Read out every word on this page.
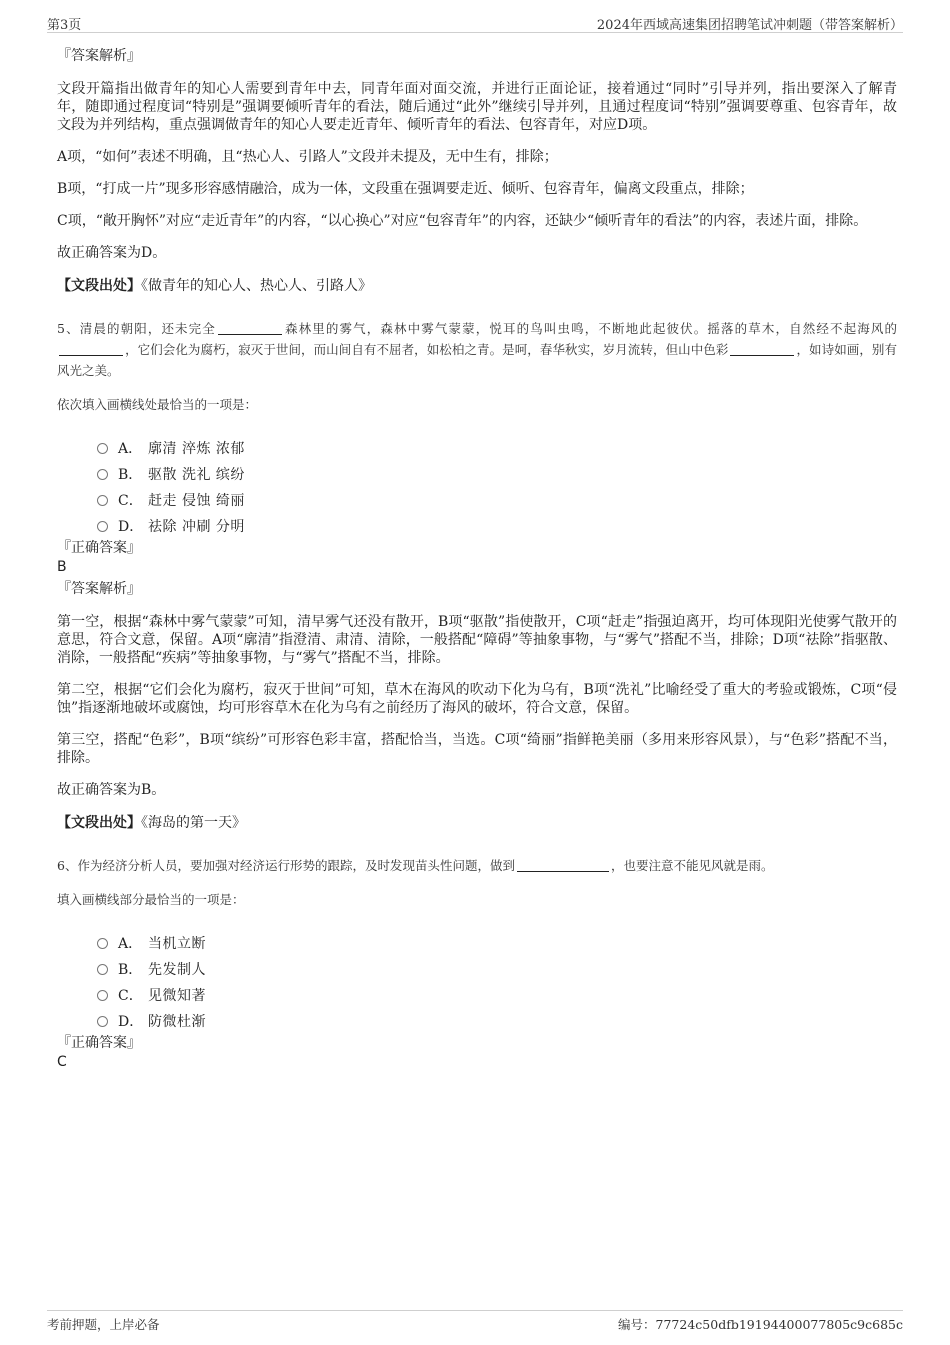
第3页	2024年西域高速集团招聘笔试冲刺题（带答案解析）
『答案解析』

文段开篇指出做青年的知心人需要到青年中去，同青年面对面交流，并进行正面论证，接着通过“同时”引导并列，指出要深入了解青年，随即通过程度词“特别是”强调要倾听青年的看法，随后通过“此外”继续引导并列，且通过程度词“特别”强调要尊重、包容青年，故文段为并列结构，重点强调做青年的知心人要走近青年、倾听青年的看法、包容青年，对应D项。

A项，“如何”表述不明确，且“热心人、引路人”文段并未提及，无中生有，排除；

B项，“打成一片”现多形容感情融洽，成为一体，文段重在强调要走近、倾听、包容青年，偏离文段重点，排除；

C项，“敞开胸怀”对应“走近青年”的内容，“以心换心”对应“包容青年”的内容，还缺少“倾听青年的看法”的内容，表述片面，排除。

故正确答案为D。

【文段出处】《做青年的知心人、热心人、引路人》

5、清晨的朝阳，还未完全	森林里的雾气，森林中雾气蒙蒙，悦耳的鸟叫虫鸣，不断地此起彼伏。摇落的草木，自然经不起海风的，它们会化为腐朽，寂灭于世间，而山间自有不屈者，如松柏之青。是呵，春华秋实，岁月流转，但山中色彩	，如诗如画，别有风光之美。

依次填入画横线处最恰当的一项是：

A． 廓清 淬炼 浓郁
B． 驱散 洗礼 缤纷
C． 赶走 侵蚀 绮丽
D． 祛除 冲刷 分明

『正确答案』

B

『答案解析』

第一空，根据“森林中雾气蒙蒙”可知，清早雾气还没有散开，B项“驱散”指使散开，C项“赶走”指强迫离开，均可体现阳光使雾气散开的意思，符合文意，保留。A项“廓清”指澄清、肃清、清除，一般搭配“障碍”等抽象事物，与“雾气”搭配不当，排除；D项“祛除”指驱散、消除，一般搭配“疾病”等抽象事物，与“雾气”搭配不当，排除。

第二空，根据“它们会化为腐朽，寂灭于世间”可知，草木在海风的吹动下化为乌有，B项“洗礼”比喻经受了重大的考验或锻炼，C项“侵蚀”指逐渐地破坏或腐蚀，均可形容草木在化为乌有之前经历了海风的破坏，符合文意，保留。

第三空，搭配“色彩”，B项“缤纷”可形容色彩丰富，搭配恰当，当选。C项“绮丽”指鲜艳美丽（多用来形容风景），与“色彩”搭配不当，排除。

故正确答案为B。

【文段出处】《海岛的第一天》

6、作为经济分析人员，要加强对经济运行形势的跟踪，及时发现苗头性问题，做到	，也要注意不能见风就是雨。

填入画横线部分最恰当的一项是：

A． 当机立断
B． 先发制人
C． 见微知著
D． 防微杜渐

『正确答案』

C

考前押题，上岸必备	编号：77724c50dfb19194400077805c9c685c
